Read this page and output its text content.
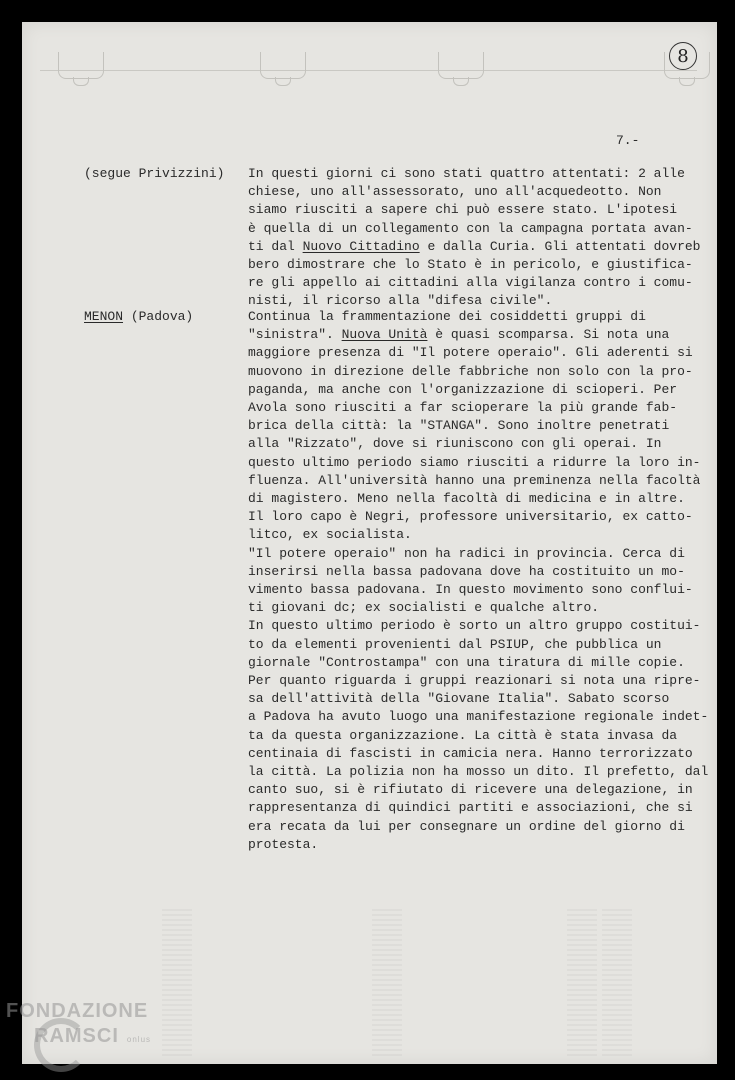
8
7.-
(segue Privizzini) In questi giorni ci sono stati quattro attentati: 2 alle
chiese, uno all'assessorato, uno all'acquedeotto. Non
siamo riusciti a sapere chi può essere stato. L'ipotesi
è quella di un collegamento con la campagna portata avan-
ti dal Nuovo Cittadino e dalla Curia. Gli attentati dovreb
bero dimostrare che lo Stato è in pericolo, e giustifica-
re gli appello ai cittadini alla vigilanza contro i comu-
nisti, il ricorso alla "difesa civile".
MENON (Padova)	Continua la frammentazione dei cosiddetti gruppi di
"sinistra". Nuova Unità è quasi scomparsa. Si nota una
maggiore presenza di "Il potere operaio". Gli aderenti si
muovono in direzione delle fabbriche non solo con la pro-
paganda, ma anche con l'organizzazione di scioperi. Per
Avola sono riusciti a far scioperare la più grande fab-
brica della città: la "STANGA". Sono inoltre penetrati
alla "Rizzato", dove si riuniscono con gli operai. In
questo ultimo periodo siamo riusciti a ridurre la loro in-
fluenza. All'università hanno una preminenza nella facoltà
di magistero. Meno nella facoltà di medicina e in altre.
Il loro capo è Negri, professore universitario, ex catto-
litco, ex socialista.
"Il potere operaio" non ha radici in provincia. Cerca di
inserirsi nella bassa padovana dove ha costituito un mo-
vimento bassa padovana. In questo movimento sono conflui-
ti giovani dc; ex socialisti e qualche altro.
In questo ultimo periodo è sorto un altro gruppo costitui-
to da elementi provenienti dal PSIUP, che pubblica un
giornale "Controstampa" con una tiratura di mille copie.
Per quanto riguarda i gruppi reazionari si nota una ripre-
sa dell'attività della "Giovane Italia". Sabato scorso
a Padova ha avuto luogo una manifestazione regionale indet-
ta da questa organizzazione. La città è stata invasa da
centinaia di fascisti in camicia nera. Hanno terrorizzato
la città. La polizia non ha mosso un dito. Il prefetto, dal
canto suo, si è rifiutato di ricevere una delegazione, in
rappresentanza di quindici partiti e associazioni, che si
era recata da lui per consegnare un ordine del giorno di
protesta.
FONDAZIONE
RAMSCI onlus
